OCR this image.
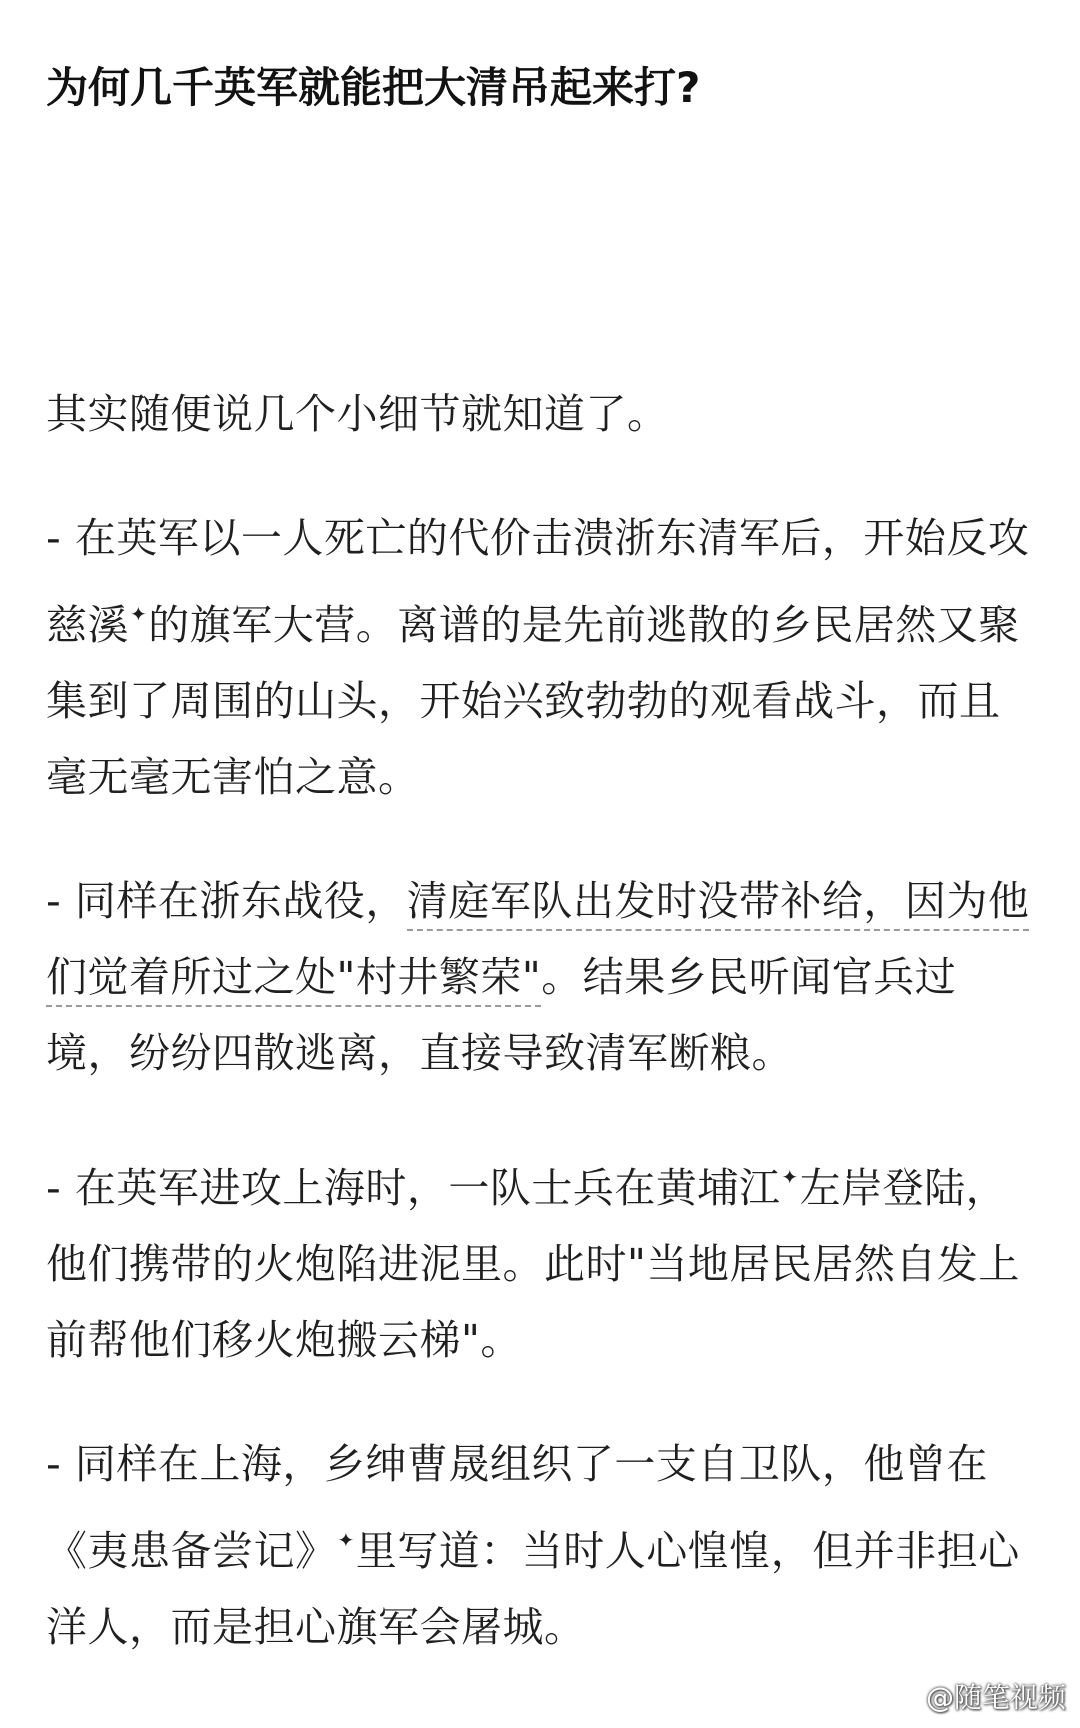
为何几千英军就能把大清吊起来打?

其实随便说几个小细节就知道了。

- 在英军以一人死亡的代价击溃浙东清军后，开始反攻慈溪✦的旗军大营。离谱的是先前逃散的乡民居然又聚集到了周围的山头，开始兴致勃勃的观看战斗，而且毫无毫无害怕之意。

- 同样在浙东战役，清庭军队出发时没带补给，因为他们觉着所过之处"村井繁荣"。结果乡民听闻官兵过境，纷纷四散逃离，直接导致清军断粮。

- 在英军进攻上海时，一队士兵在黄埔江✦左岸登陆，他们携带的火炮陷进泥里。此时"当地居民居然自发上前帮他们移火炮搬云梯"。

- 同样在上海，乡绅曹晟组织了一支自卫队，他曾在《夷患备尝记》✦里写道：当时人心惶惶，但并非担心洋人，而是担心旗军会屠城。

@随笔视频
